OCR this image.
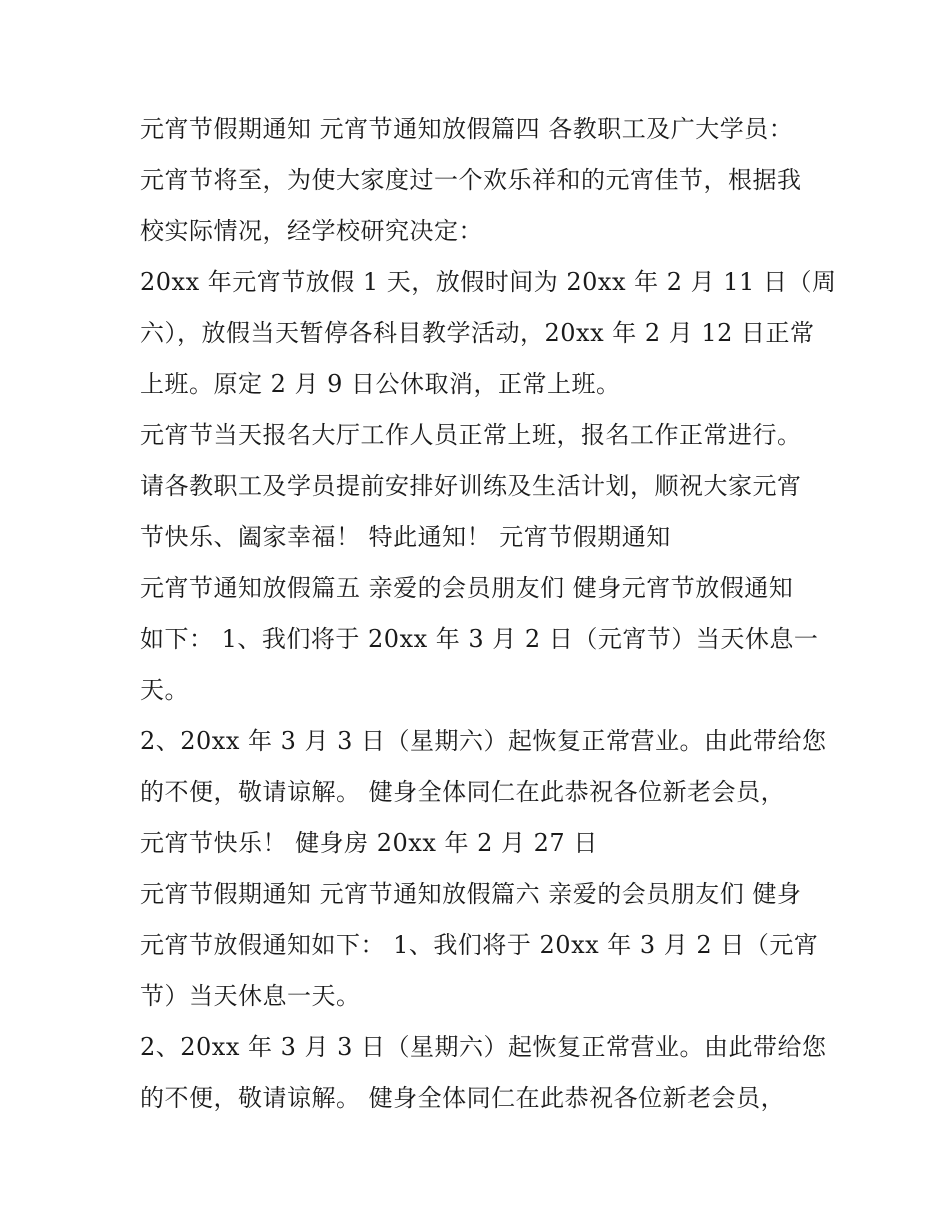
元宵节假期通知 元宵节通知放假篇四 各教职工及广大学员：
元宵节将至，为使大家度过一个欢乐祥和的元宵佳节，根据我
校实际情况，经学校研究决定：
20xx 年元宵节放假 1 天，放假时间为 20xx 年 2 月 11 日（周
六），放假当天暂停各科目教学活动，20xx 年 2 月 12 日正常
上班。原定 2 月 9 日公休取消，正常上班。
元宵节当天报名大厅工作人员正常上班，报名工作正常进行。
请各教职工及学员提前安排好训练及生活计划，顺祝大家元宵
节快乐、阖家幸福！ 特此通知！ 元宵节假期通知
元宵节通知放假篇五 亲爱的会员朋友们 健身元宵节放假通知
如下： 1、我们将于 20xx 年 3 月 2 日（元宵节）当天休息一
天。
2、20xx 年 3 月 3 日（星期六）起恢复正常营业。由此带给您
的不便，敬请谅解。 健身全体同仁在此恭祝各位新老会员，
元宵节快乐！ 健身房 20xx 年 2 月 27 日
元宵节假期通知 元宵节通知放假篇六 亲爱的会员朋友们 健身
元宵节放假通知如下： 1、我们将于 20xx 年 3 月 2 日（元宵
节）当天休息一天。
2、20xx 年 3 月 3 日（星期六）起恢复正常营业。由此带给您
的不便，敬请谅解。 健身全体同仁在此恭祝各位新老会员，
